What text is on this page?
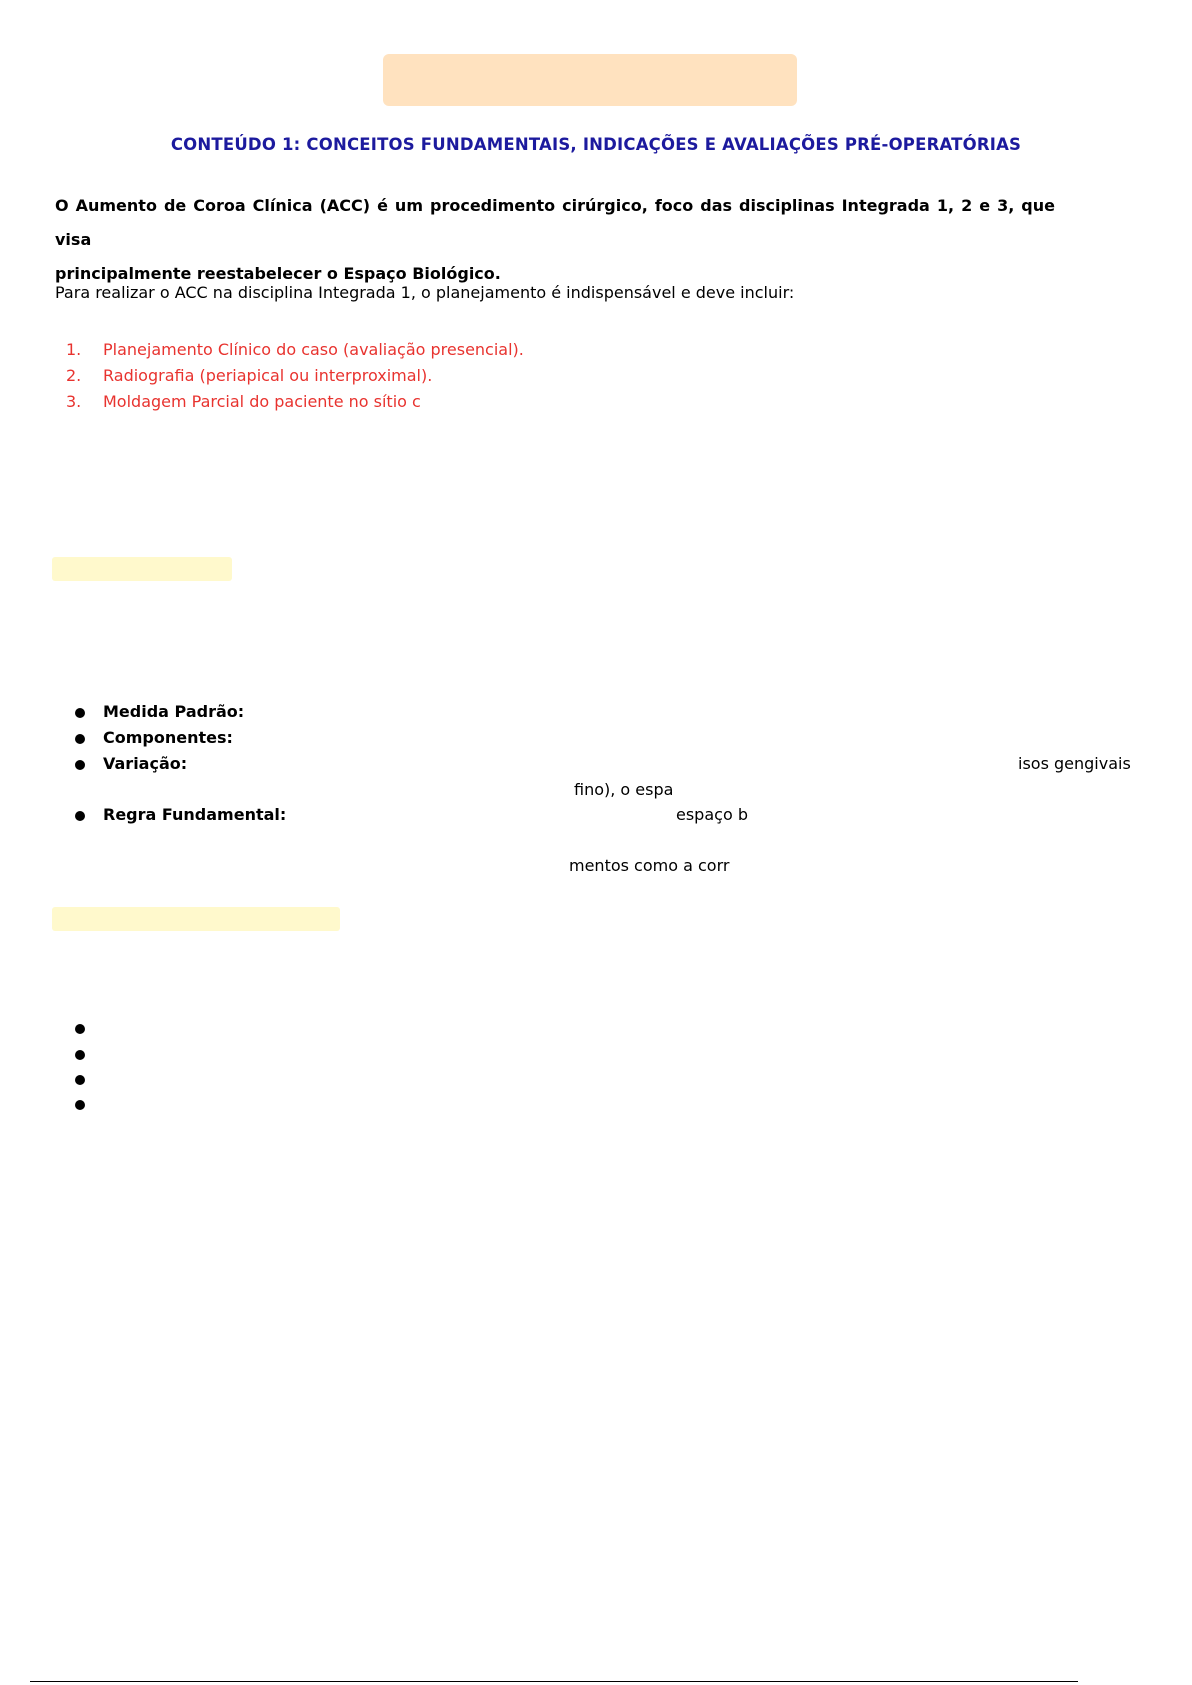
CONTEÚDO 1: CONCEITOS FUNDAMENTAIS, INDICAÇÕES E AVALIAÇÕES PRÉ-OPERATÓRIAS
O Aumento de Coroa Clínica (ACC) é um procedimento cirúrgico, foco das disciplinas Integrada 1, 2 e 3, que visa
principalmente reestabelecer o Espaço Biológico.
Para realizar o ACC na disciplina Integrada 1, o planejamento é indispensável e deve incluir:
1.	Planejamento Clínico do caso (avaliação presencial).
2.	Radiografia (periapical ou interproximal).
3.	Moldagem Parcial do paciente no sítio c
Medida Padrão:
Componentes:
Variação:	isos gengivais
fino), o espa
Regra Fundamental:	espaço b
mentos como a corr
